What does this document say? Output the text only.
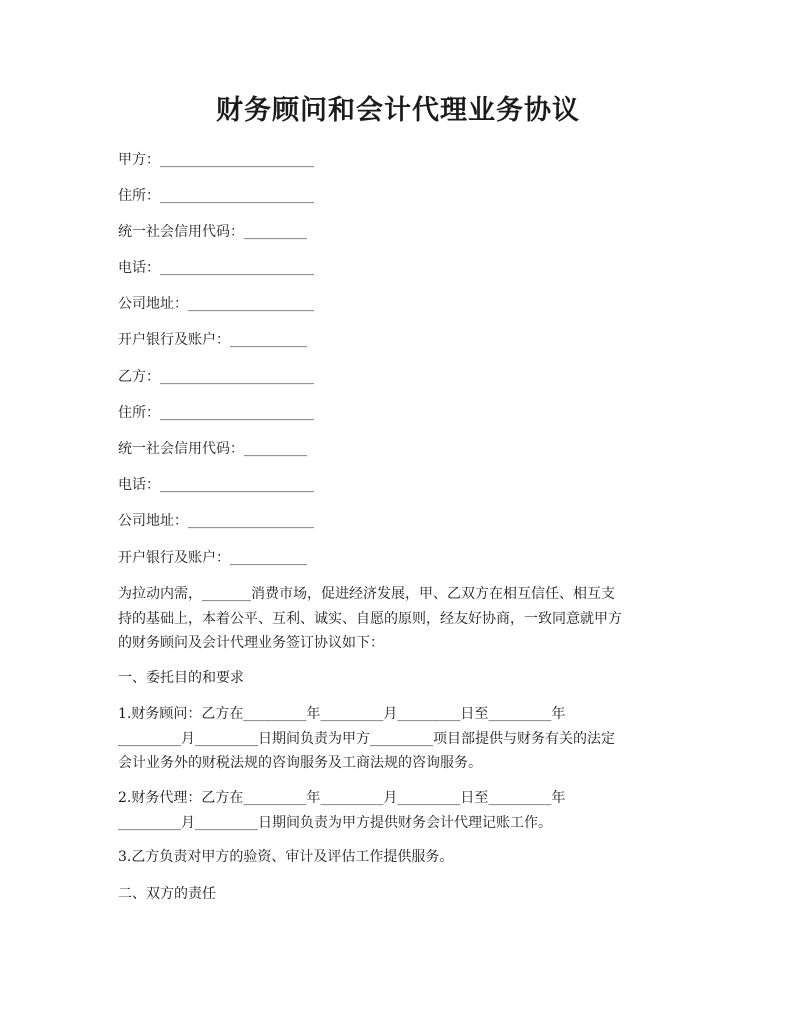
财务顾问和会计代理业务协议
甲方：______________________
住所：______________________
统一社会信用代码：_________
电话：______________________
公司地址：__________________
开户银行及账户：___________
乙方：______________________
住所：______________________
统一社会信用代码：_________
电话：______________________
公司地址：__________________
开户银行及账户：___________
为拉动内需，_______消费市场，促进经济发展，甲、乙双方在相互信任、相互支
持的基础上，本着公平、互利、诚实、自愿的原则，经友好协商，一致同意就甲方
的财务顾问及会计代理业务签订协议如下：
一、委托目的和要求
1.财务顾问：乙方在_________年_________月_________日至_________年
_________月_________日期间负责为甲方_________项目部提供与财务有关的法定
会计业务外的财税法规的咨询服务及工商法规的咨询服务。
2.财务代理：乙方在_________年_________月_________日至_________年
_________月_________日期间负责为甲方提供财务会计代理记账工作。
3.乙方负责对甲方的验资、审计及评估工作提供服务。
二、双方的责任
